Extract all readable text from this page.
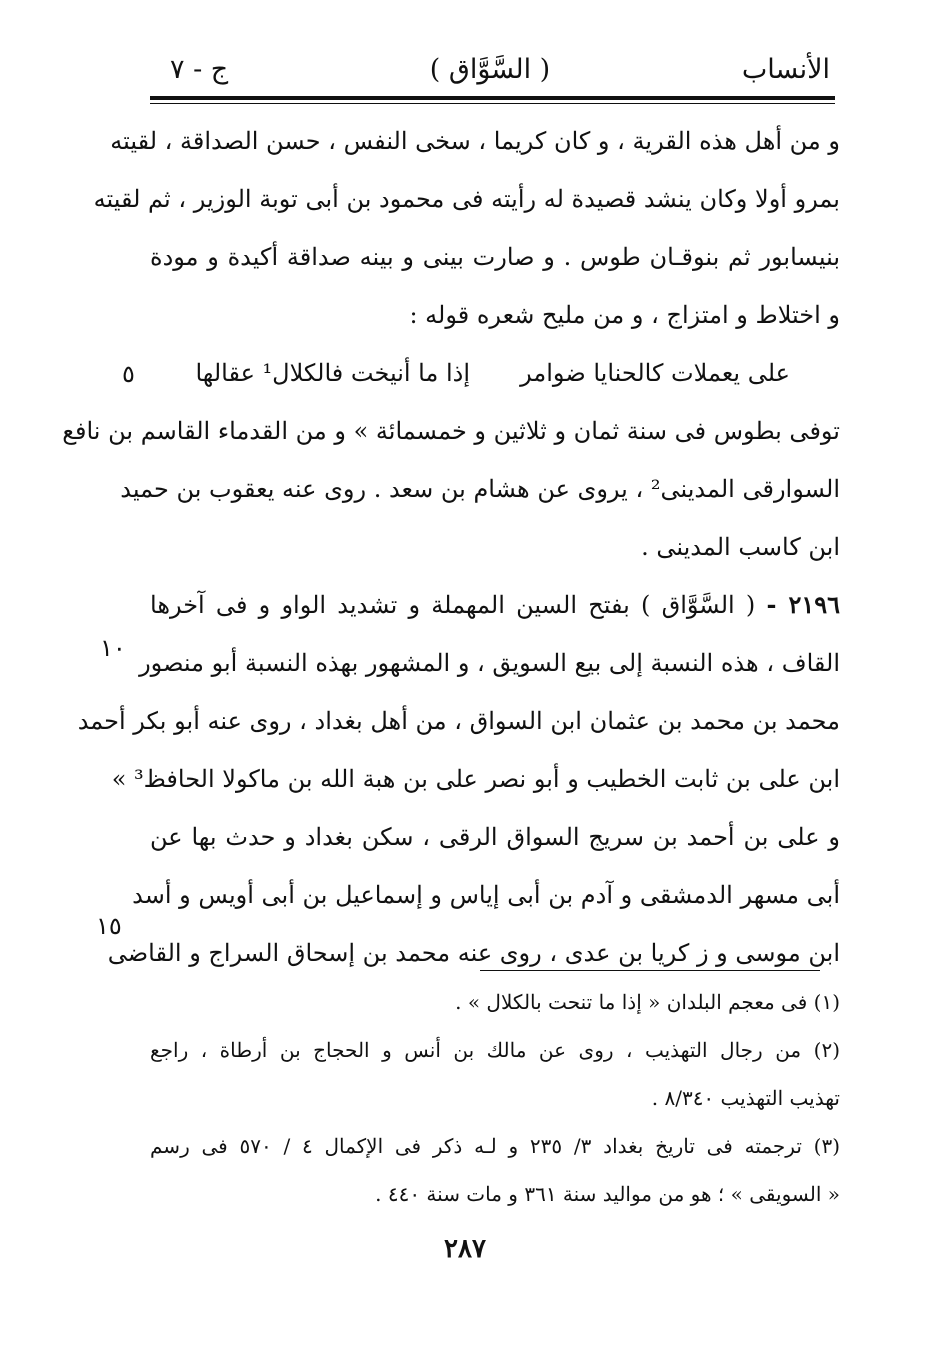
الأنساب
( السَّوَّاق )
ج - ٧
و من أهل هذه القرية ، و كان كريما ، سخى النفس ، حسن الصداقة ، لقيته
بمرو أولا وكان ينشد قصيدة له رأيته فى محمود بن أبى توبة الوزير ، ثم لقيته
بنيسابور ثم بنوقـان طوس . و صارت بينى و بينه صداقة أكيدة و مودة
و اختلاط و امتزاج ، و من مليح شعره قوله :
على يعملات كالحنايا ضوامر
إذا ما أنيخت فالكلال¹ عقالها
توفى بطوس فى سنة ثمان و ثلاثين و خمسمائة » و من القدماء القاسم بن نافع
السوارقى المدينى² ، يروى عن هشام بن سعد . روى عنه يعقوب بن حميد
ابن كاسب المدينى .
٢١٩٦ - ( السَّوَّاق ) بفتح السين المهملة و تشديد الواو و فى آخرها
القاف ، هذه النسبة إلى بيع السويق ، و المشهور بهذه النسبة أبو منصور
محمد بن محمد بن عثمان ابن السواق ، من أهل بغداد ، روى عنه أبو بكر أحمد
ابن على بن ثابت الخطيب و أبو نصر على بن هبة الله بن ماكولا الحافظ³ »
و على بن أحمد بن سريج السواق الرقى ، سكن بغداد و حدث بها عن
أبى مسهر الدمشقى و آدم بن أبى إياس و إسماعيل بن أبى أويس و أسد
ابن موسى و ز كريا بن عدى ، روى عنه محمد بن إسحاق السراج و القاضى
٥
١٠
١٥
(١) فى معجم البلدان « إذا ما تنحت بالكلال » .
(٢) من رجال التهذيب ، روى عن مالك بن أنس و الحجاج بن أرطاة ، راجع
تهذيب التهذيب ٨/٣٤٠ .
(٣) ترجمته فى تاريخ بغداد ٣/ ٢٣٥ و لـه ذكر فى الإكمال ٤ / ٥٧٠ فى رسم
« السويقى » ؛ هو من مواليد سنة ٣٦١ و مات سنة ٤٤٠ .
٢٨٧
